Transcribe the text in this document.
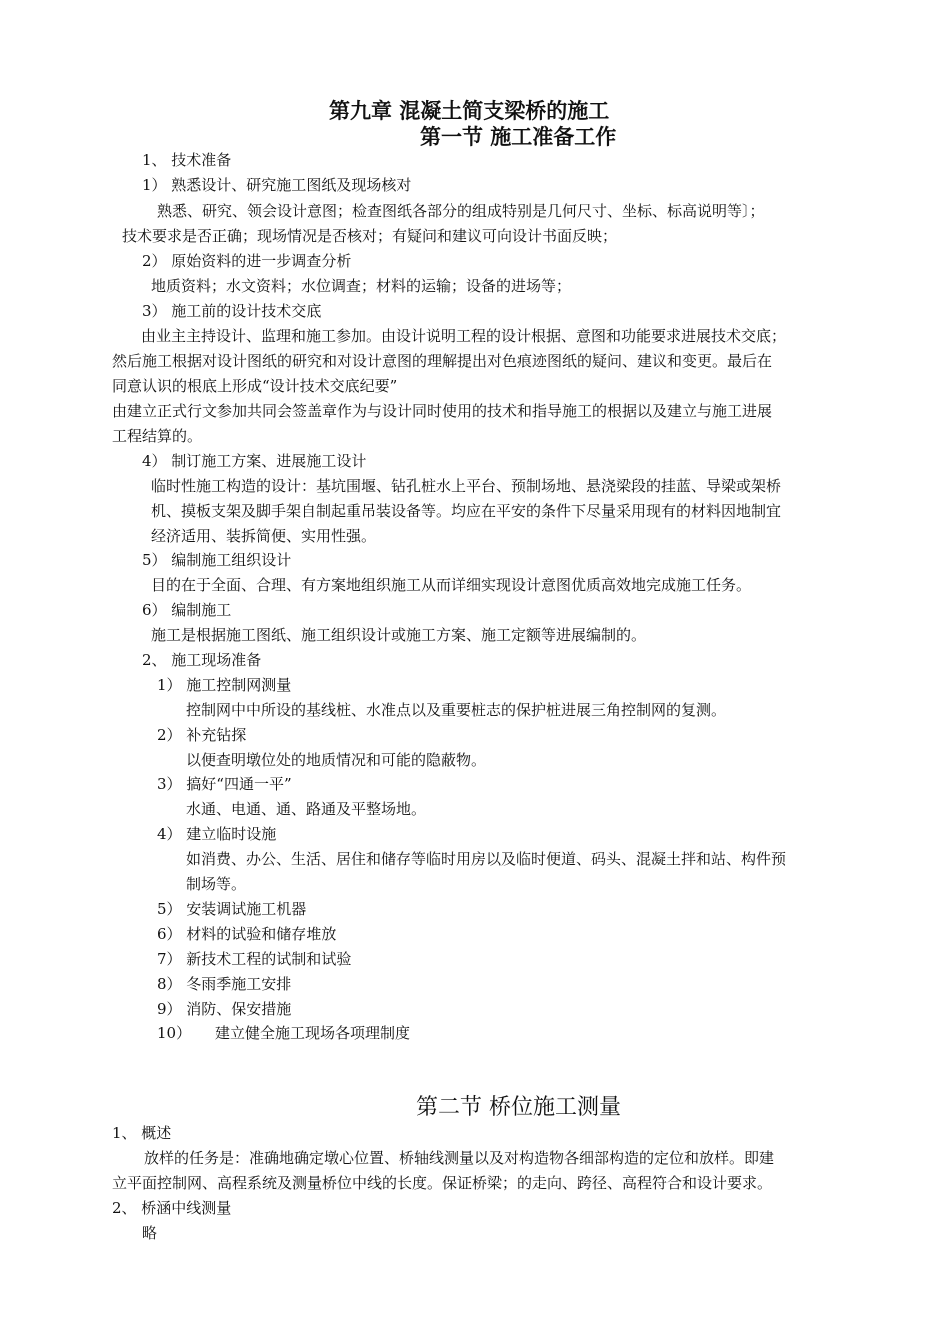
第九章 混凝土简支梁桥的施工
第一节 施工准备工作
1、 技术准备
1） 熟悉设计、研究施工图纸及现场核对
熟悉、研究、领会设计意图；检查图纸各部分的组成特别是几何尺寸、坐标、标高说明等〕；
技术要求是否正确；现场情况是否核对；有疑问和建议可向设计书面反映；
2） 原始资料的进一步调查分析
地质资料；水文资料；水位调查；材料的运输；设备的进场等；
3） 施工前的设计技术交底
由业主主持设计、监理和施工参加。由设计说明工程的设计根据、意图和功能要求进展技术交底；
然后施工根据对设计图纸的研究和对设计意图的理解提出对色痕迹图纸的疑问、建议和变更。最后在
同意认识的根底上形成“设计技术交底纪要”
由建立正式行文参加共同会签盖章作为与设计同时使用的技术和指导施工的根据以及建立与施工进展
工程结算的。
4） 制订施工方案、进展施工设计
临时性施工构造的设计：基坑围堰、钻孔桩水上平台、预制场地、悬浇梁段的挂蓝、导梁或架桥
机、摸板支架及脚手架自制起重吊装设备等。均应在平安的条件下尽量采用现有的材料因地制宜
经济适用、装拆简便、实用性强。
5） 编制施工组织设计
目的在于全面、合理、有方案地组织施工从而详细实现设计意图优质高效地完成施工任务。
6） 编制施工
施工是根据施工图纸、施工组织设计或施工方案、施工定额等进展编制的。
2、 施工现场准备
1） 施工控制网测量
控制网中中所设的基线桩、水准点以及重要桩志的保护桩进展三角控制网的复测。
2） 补充钻探
以便查明墩位处的地质情况和可能的隐蔽物。
3） 搞好“四通一平”
水通、电通、通、路通及平整场地。
4） 建立临时设施
如消费、办公、生活、居住和储存等临时用房以及临时便道、码头、混凝土拌和站、构件预
制场等。
5） 安装调试施工机器
6） 材料的试验和储存堆放
7） 新技术工程的试制和试验
8） 冬雨季施工安排
9） 消防、保安措施
10） 建立健全施工现场各项理制度
第二节 桥位施工测量
1、 概述
放样的任务是：准确地确定墩心位置、桥轴线测量以及对构造物各细部构造的定位和放样。即建
立平面控制网、高程系统及测量桥位中线的长度。保证桥梁；的走向、跨径、高程符合和设计要求。
2、 桥涵中线测量
略
